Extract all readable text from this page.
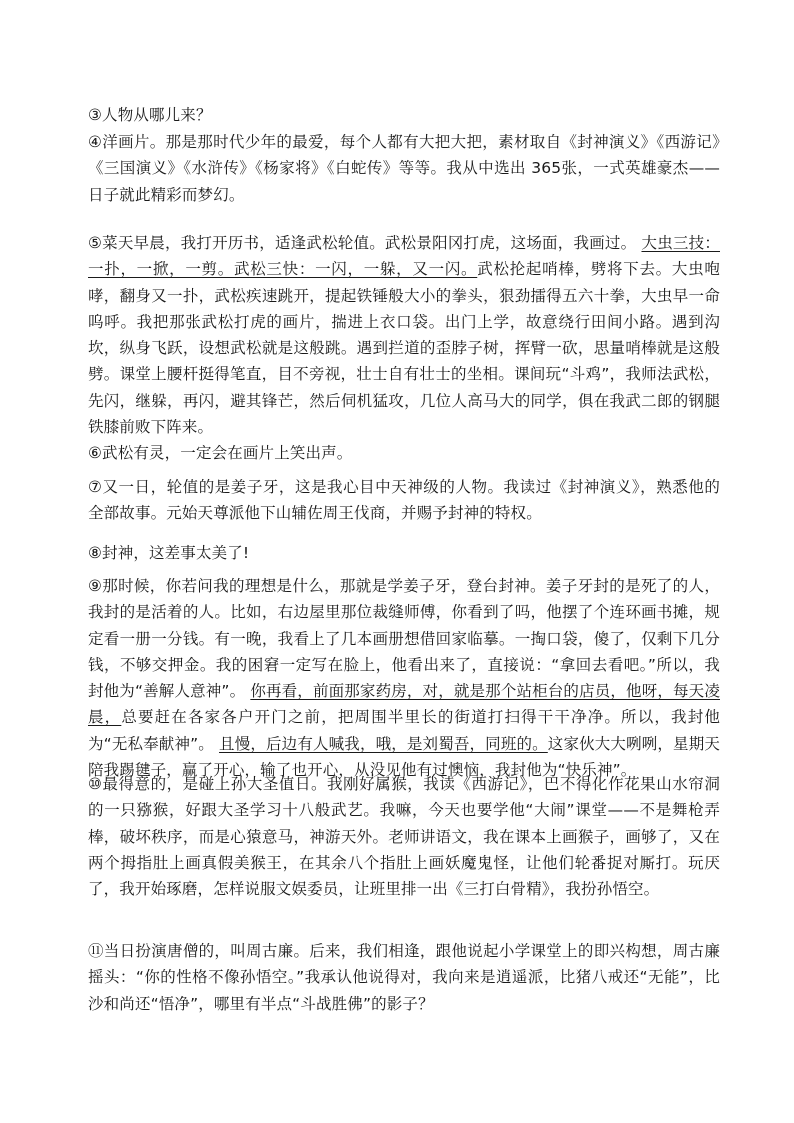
③人物从哪儿来？

④洋画片。那是那时代少年的最爱，每个人都有大把大把，素材取自《封神演义》《西游记》《三国演义》《水浒传》《杨家将》《白蛇传》等等。我从中选出 365张，一式英雄豪杰——日子就此精彩而梦幻。

⑤菜天早晨，我打开历书，适逢武松轮值。武松景阳冈打虎，这场面，我画过。 大虫三技：一扑，一掀，一剪。武松三快：一闪，一躲，又一闪。武松抡起哨棒，劈将下去。大虫咆哮，翻身又一扑，武松疾速跳开，提起铁锤般大小的拳头，狠劲擂得五六十拳，大虫早一命呜呼。我把那张武松打虎的画片，揣进上衣口袋。出门上学，故意绕行田间小路。遇到沟坎，纵身飞跃，设想武松就是这般跳。遇到拦道的歪脖子树，挥臂一砍，思量哨棒就是这般劈。课堂上腰杆挺得笔直，目不旁视，壮士自有壮士的坐相。课间玩“斗鸡”，我师法武松，先闪，继躲，再闪，避其锋芒，然后伺机猛攻，几位人高马大的同学，俱在我武二郎的钢腿铁膝前败下阵来。

⑥武松有灵，一定会在画片上笑出声。

⑦又一日，轮值的是姜子牙，这是我心目中天神级的人物。我读过《封神演义》，熟悉他的全部故事。元始天尊派他下山辅佐周王伐商，并赐予封神的特权。

⑧封神，这差事太美了!

⑨那时候，你若问我的理想是什么，那就是学姜子牙，登台封神。姜子牙封的是死了的人，我封的是活着的人。比如，右边屋里那位裁缝师傅，你看到了吗，他摆了个连环画书摊，规定看一册一分钱。有一晚，我看上了几本画册想借回家临摹。一掏口袋，傻了，仅剩下几分钱，不够交押金。我的困窘一定写在脸上，他看出来了，直接说：“拿回去看吧。”所以，我封他为“善解人意神”。 你再看，前面那家药房，对，就是那个站柜台的店员，他呀，每天凌晨，总要赶在各家各户开门之前，把周围半里长的街道打扫得干干净净。所以，我封他为“无私奉献神”。 且慢，后边有人喊我，哦，是刘蜀吾，同班的。这家伙大大咧咧，星期天陪我踢毽子，赢了开心，输了也开心，从没见他有过懊恼，我封他为“快乐神”。

⑩最得意的，是碰上孙大圣值日。我刚好属猴，我读《西游记》，巴不得化作花果山水帘洞的一只猕猴，好跟大圣学习十八般武艺。我嘛，今天也要学他“大闹”课堂——不是舞枪弄棒，破坏秩序，而是心猿意马，神游天外。老师讲语文，我在课本上画猴子，画够了，又在两个拇指肚上画真假美猴王，在其余八个指肚上画妖魔鬼怪，让他们轮番捉对厮打。玩厌了，我开始琢磨，怎样说服文娱委员，让班里排一出《三打白骨精》，我扮孙悟空。

⑪当日扮演唐僧的，叫周古廉。后来，我们相逢，跟他说起小学课堂上的即兴构想，周古廉摇头：“你的性格不像孙悟空。”我承认他说得对，我向来是逍遥派，比猪八戒还“无能”，比沙和尚还“悟净”，哪里有半点“斗战胜佛”的影子？
